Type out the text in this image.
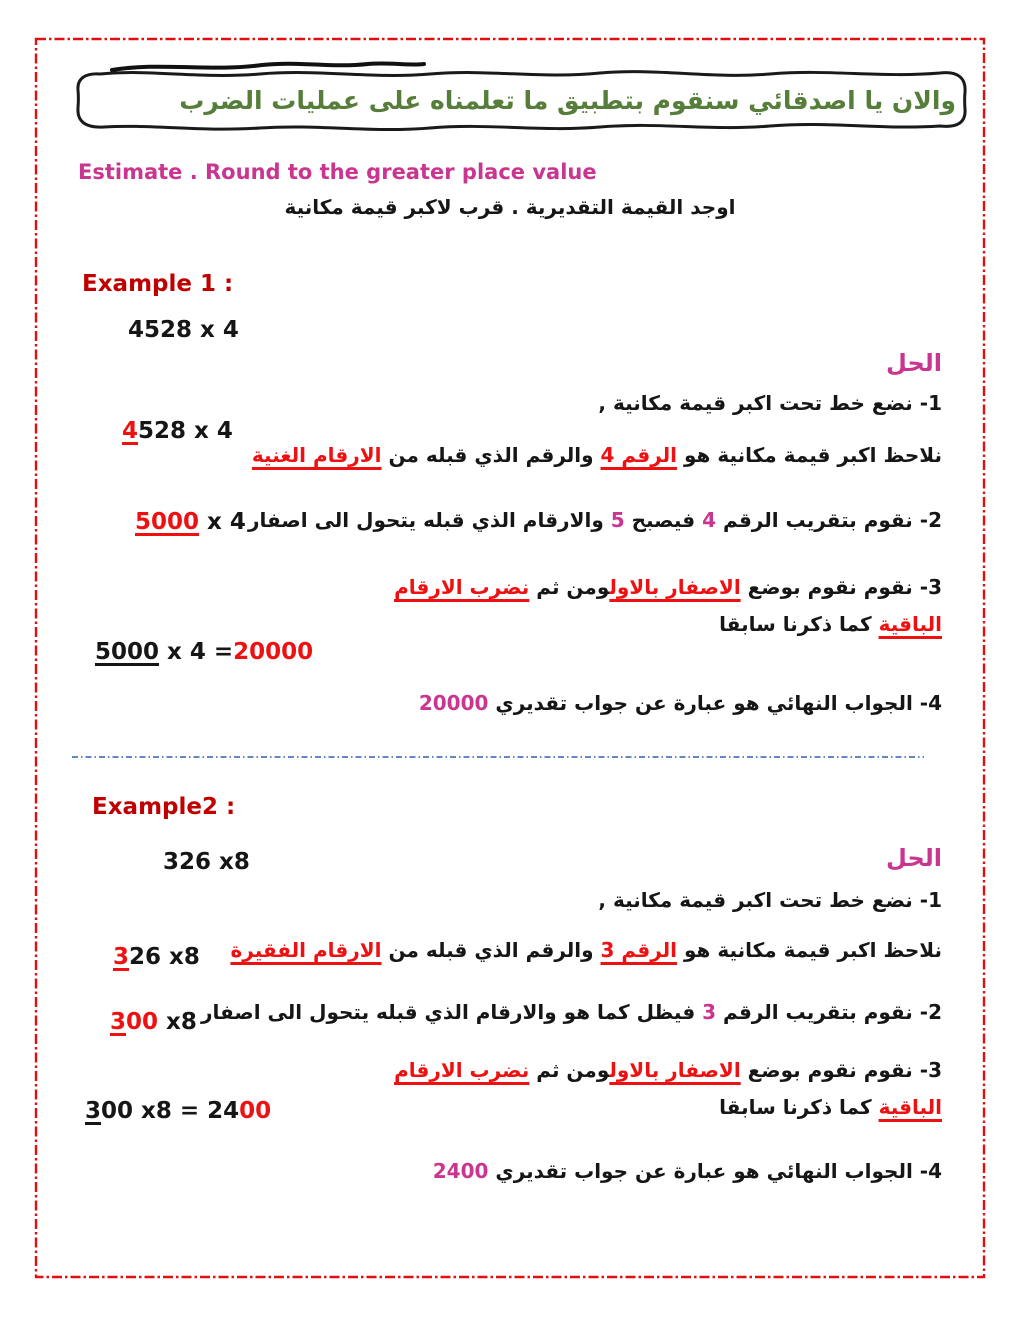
والان يا اصدقائي سنقوم بتطبيق ما تعلمناه على عمليات الضرب
Estimate . Round to the greater place value
اوجد القيمة التقديرية . قرب لاكبر قيمة مكانية
Example 1 :
4528 x 4
الحل
1- نضع خط تحت اكبر قيمة مكانية ,
4528 x 4
نلاحظ اكبر قيمة مكانية هو الرقم 4 والرقم الذي قبله من الارقام الغنية
5000 x 4	2- نقوم بتقريب الرقم 4 فيصبح 5 والارقام الذي قبله يتحول الى اصفار
3- نقوم نقوم بوضع الاصفار بالاولومن ثم نضرب الارقام
الباقية كما ذكرنا سابقا
5000 x 4 =20000
4- الجواب النهائي هو عبارة عن جواب تقديري 20000
Example2 :
326 x8	الحل
1- نضع خط تحت اكبر قيمة مكانية ,
326 x8	نلاحظ اكبر قيمة مكانية هو الرقم 3 والرقم الذي قبله من الارقام الفقيرة
300 x8	2- نقوم بتقريب الرقم 3 فيظل كما هو والارقام الذي قبله يتحول الى اصفار
3- نقوم نقوم بوضع الاصفار بالاولومن ثم نضرب الارقام
الباقية كما ذكرنا سابقا
300 x8 = 2400
4- الجواب النهائي هو عبارة عن جواب تقديري 2400
